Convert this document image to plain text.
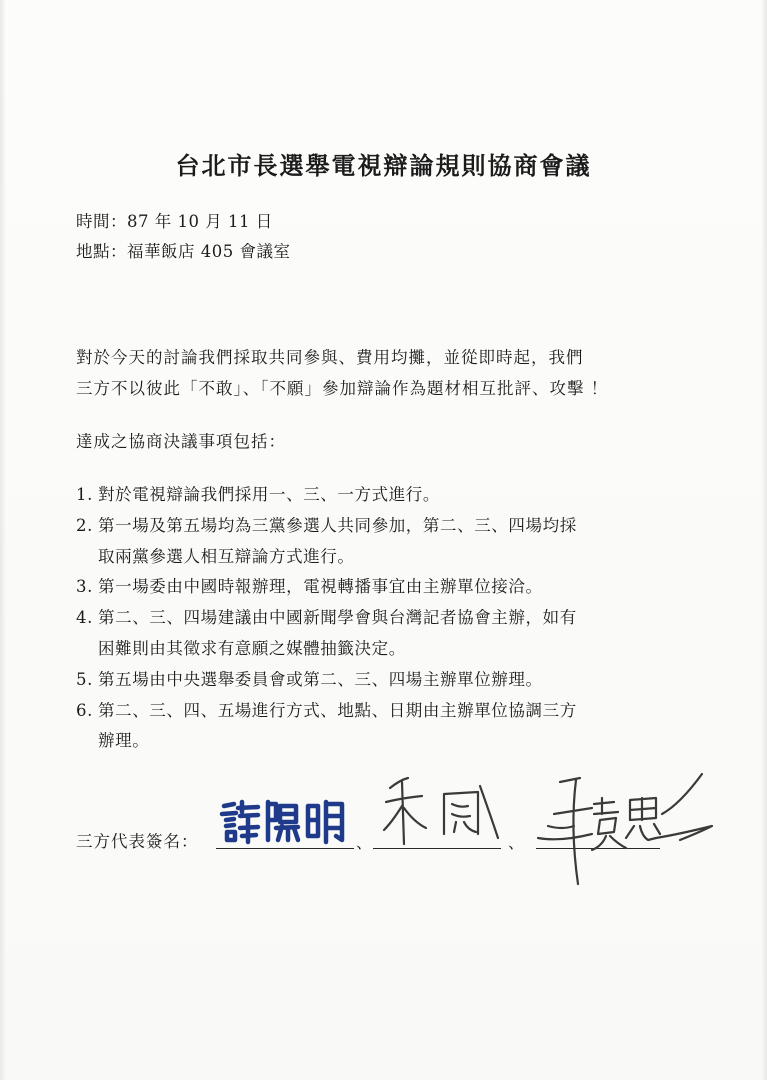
台北市長選舉電視辯論規則協商會議
時間：87 年 10 月 11 日
地點：福華飯店 405 會議室
對於今天的討論我們採取共同參與、費用均攤，並從即時起，我們
三方不以彼此「不敢」、「不願」參加辯論作為題材相互批評、攻擊 ！
達成之協商決議事項包括：
1. 對於電視辯論我們採用一、三、一方式進行。
2. 第一場及第五場均為三黨參選人共同參加，第二、三、四場均採
取兩黨參選人相互辯論方式進行。
3. 第一場委由中國時報辦理，電視轉播事宜由主辦單位接洽。
4. 第二、三、四場建議由中國新聞學會與台灣記者協會主辦，如有
困難則由其徵求有意願之媒體抽籤決定。
5. 第五場由中央選舉委員會或第二、三、四場主辦單位辦理。
6. 第二、三、四、五場進行方式、地點、日期由主辦單位協調三方
辦理。
三方代表簽名：	、	、
